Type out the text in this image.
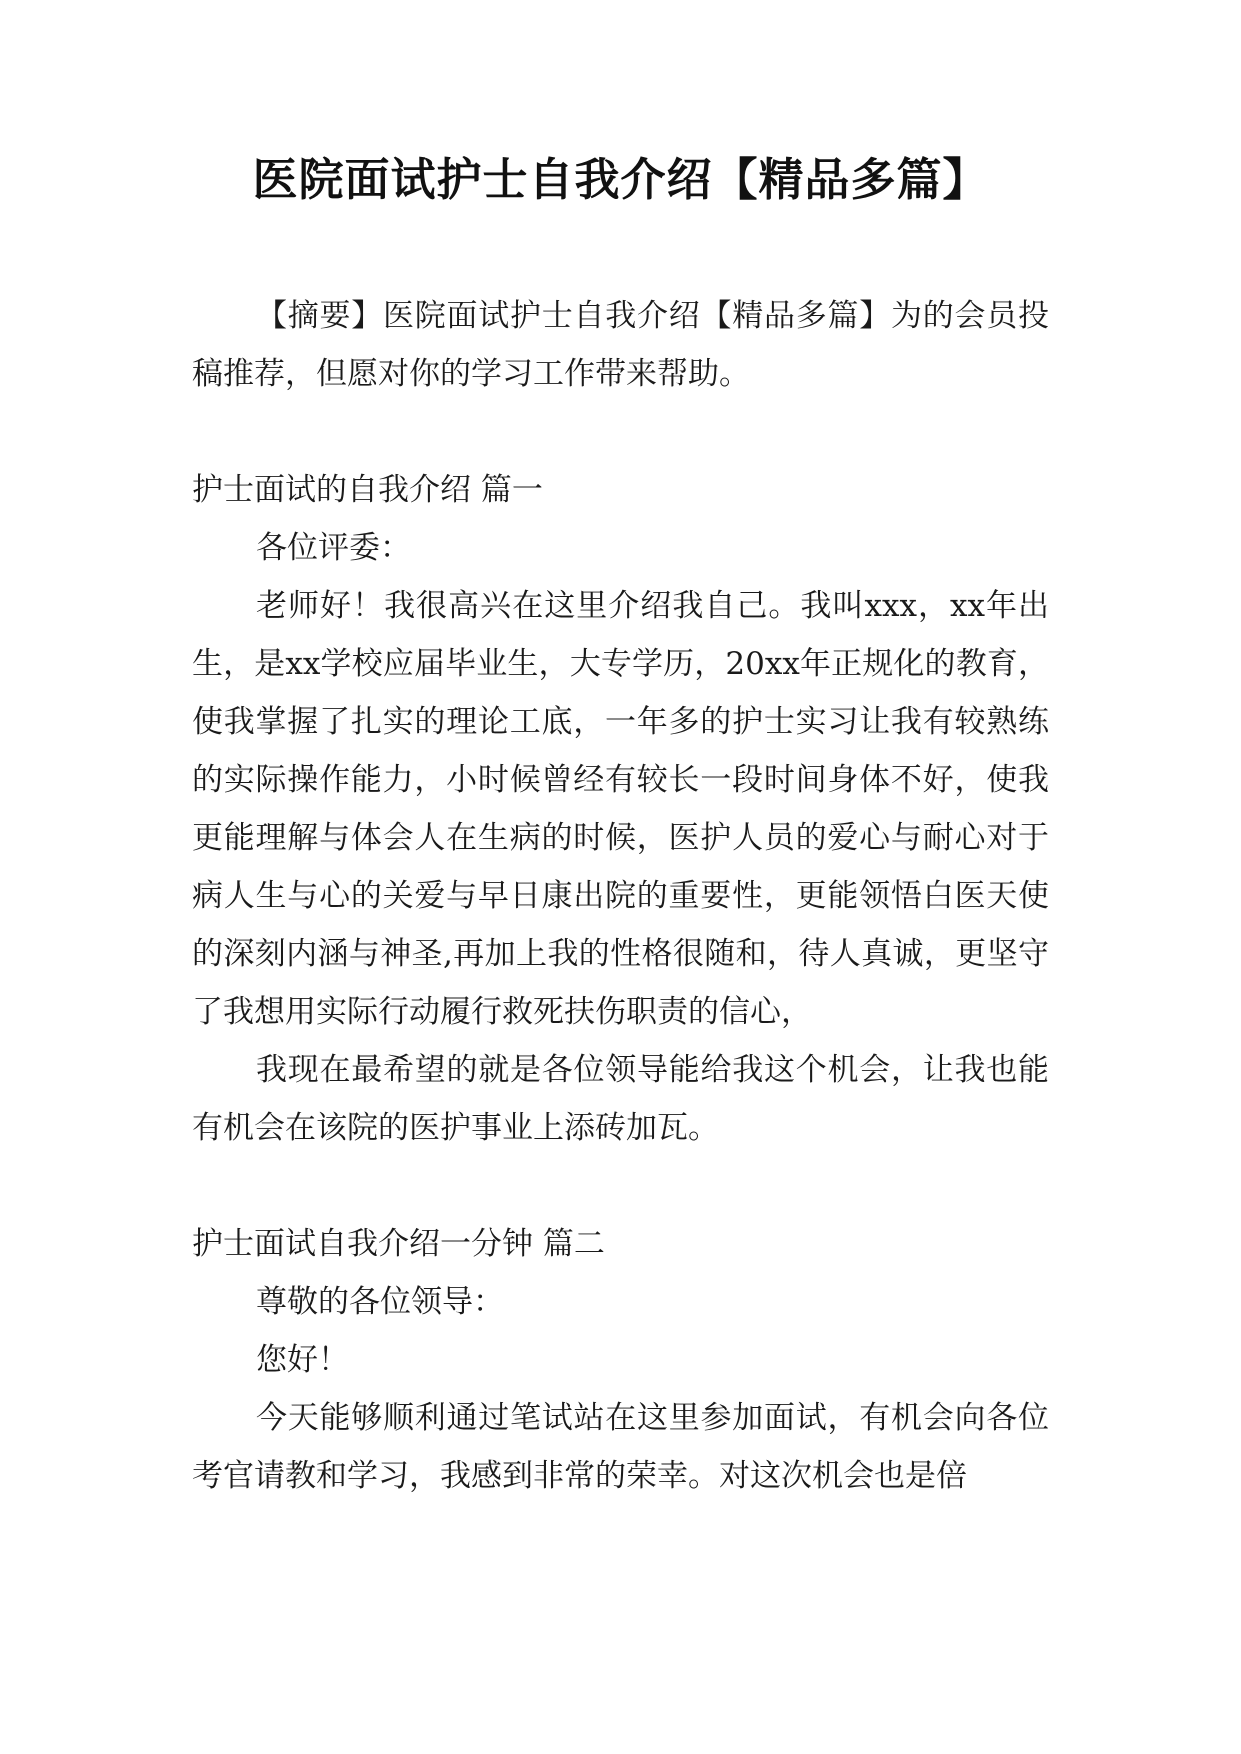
医院面试护士自我介绍【精品多篇】

【摘要】医院面试护士自我介绍【精品多篇】为的会员投稿推荐，但愿对你的学习工作带来帮助。

护士面试的自我介绍 篇一

各位评委：

老师好！我很高兴在这里介绍我自己。我叫xxx，xx年出生，是xx学校应届毕业生，大专学历，20xx年正规化的教育，使我掌握了扎实的理论工底，一年多的护士实习让我有较熟练的实际操作能力，小时候曾经有较长一段时间身体不好，使我更能理解与体会人在生病的时候，医护人员的爱心与耐心对于病人生与心的关爱与早日康出院的重要性，更能领悟白医天使的深刻内涵与神圣,再加上我的性格很随和，待人真诚，更坚守了我想用实际行动履行救死扶伤职责的信心，

我现在最希望的就是各位领导能给我这个机会，让我也能有机会在该院的医护事业上添砖加瓦。

护士面试自我介绍一分钟 篇二

尊敬的各位领导：

您好！

今天能够顺利通过笔试站在这里参加面试，有机会向各位考官请教和学习，我感到非常的荣幸。对这次机会也是倍
